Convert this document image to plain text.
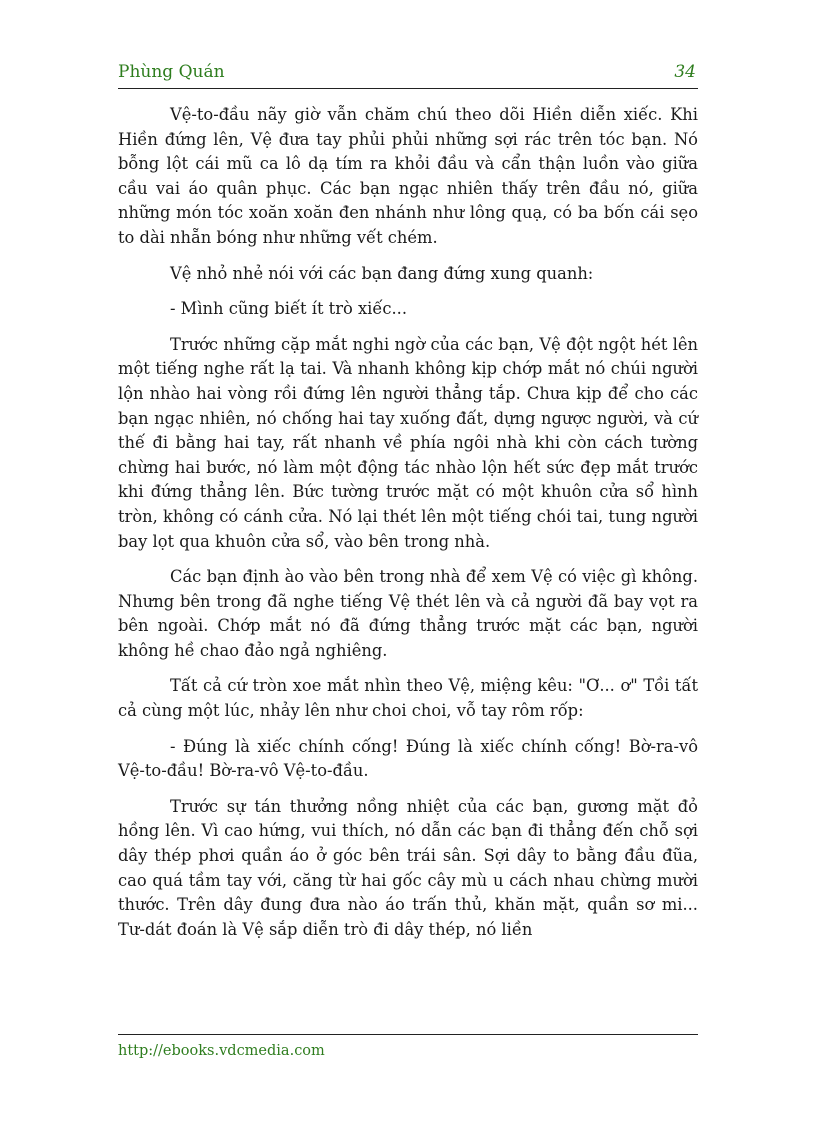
Phùng Quán	34

Vệ-to-đầu nãy giờ vẫn chăm chú theo dõi Hiền diễn xiếc. Khi Hiền đứng lên, Vệ đưa tay phủi phủi những sợi rác trên tóc bạn. Nó bỗng lột cái mũ ca lô dạ tím ra khỏi đầu và cẩn thận luồn vào giữa cầu vai áo quân phục. Các bạn ngạc nhiên thấy trên đầu nó, giữa những món tóc xoăn xoăn đen nhánh như lông quạ, có ba bốn cái sẹo to dài nhẵn bóng như những vết chém.

Vệ nhỏ nhẻ nói với các bạn đang đứng xung quanh:

- Mình cũng biết ít trò xiếc...

Trước những cặp mắt nghi ngờ của các bạn, Vệ đột ngột hét lên một tiếng nghe rất lạ tai. Và nhanh không kịp chớp mắt nó chúi người lộn nhào hai vòng rồi đứng lên người thẳng tắp. Chưa kịp để cho các bạn ngạc nhiên, nó chống hai tay xuống đất, dựng ngược người, và cứ thế đi bằng hai tay, rất nhanh về phía ngôi nhà khi còn cách tường chừng hai bước, nó làm một động tác nhào lộn hết sức đẹp mắt trước khi đứng thẳng lên. Bức tường trước mặt có một khuôn cửa sổ hình tròn, không có cánh cửa. Nó lại thét lên một tiếng chói tai, tung người bay lọt qua khuôn cửa sổ, vào bên trong nhà.

Các bạn định ào vào bên trong nhà để xem Vệ có việc gì không. Nhưng bên trong đã nghe tiếng Vệ thét lên và cả người đã bay vọt ra bên ngoài. Chớp mắt nó đã đứng thẳng trước mặt các bạn, người không hề chao đảo ngả nghiêng.

Tất cả cứ tròn xoe mắt nhìn theo Vệ, miệng kêu: "Ơ... ơ" Tồi tất cả cùng một lúc, nhảy lên như choi choi, vỗ tay rôm rốp:

- Đúng là xiếc chính cống! Đúng là xiếc chính cống! Bờ-ra-vô Vệ-to-đầu! Bờ-ra-vô Vệ-to-đầu.

Trước sự tán thưởng nồng nhiệt của các bạn, gương mặt đỏ hồng lên. Vì cao hứng, vui thích, nó dẫn các bạn đi thẳng đến chỗ sợi dây thép phơi quần áo ở góc bên trái sân. Sợi dây to bằng đầu đũa, cao quá tầm tay với, căng từ hai gốc cây mù u cách nhau chừng mười thước. Trên dây đung đưa nào áo trấn thủ, khăn mặt, quần sơ mi... Tư-dát đoán là Vệ sắp diễn trò đi dây thép, nó liền

http://ebooks.vdcmedia.com
